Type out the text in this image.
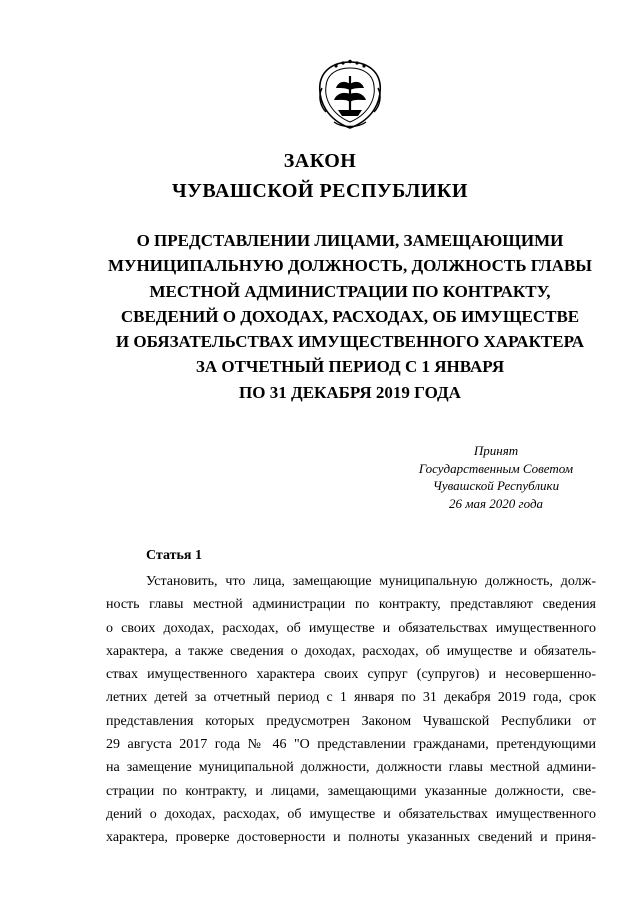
ЗАКОН
ЧУВАШСКОЙ РЕСПУБЛИКИ

О ПРЕДСТАВЛЕНИИ ЛИЦАМИ, ЗАМЕЩАЮЩИМИ
МУНИЦИПАЛЬНУЮ ДОЛЖНОСТЬ, ДОЛЖНОСТЬ ГЛАВЫ
МЕСТНОЙ АДМИНИСТРАЦИИ ПО КОНТРАКТУ,
СВЕДЕНИЙ О ДОХОДАХ, РАСХОДАХ, ОБ ИМУЩЕСТВЕ
И ОБЯЗАТЕЛЬСТВАХ ИМУЩЕСТВЕННОГО ХАРАКТЕРА
ЗА ОТЧЕТНЫЙ ПЕРИОД С 1 ЯНВАРЯ
ПО 31 ДЕКАБРЯ 2019 ГОДА

Принят
Государственным Советом
Чувашской Республики
26 мая 2020 года
Статья 1
Установить, что лица, замещающие муниципальную должность, долж-
ность главы местной администрации по контракту, представляют сведения
о своих доходах, расходах, об имуществе и обязательствах имущественного
характера, а также сведения о доходах, расходах, об имуществе и обязатель-
ствах имущественного характера своих супруг (супругов) и несовершенно-
летних детей за отчетный период с 1 января по 31 декабря 2019 года, срок
представления которых предусмотрен Законом Чувашской Республики от
29 августа 2017 года № 46 "О представлении гражданами, претендующими
на замещение муниципальной должности, должности главы местной админи-
страции по контракту, и лицами, замещающими указанные должности, све-
дений о доходах, расходах, об имуществе и обязательствах имущественного
характера, проверке достоверности и полноты указанных сведений и приня-
